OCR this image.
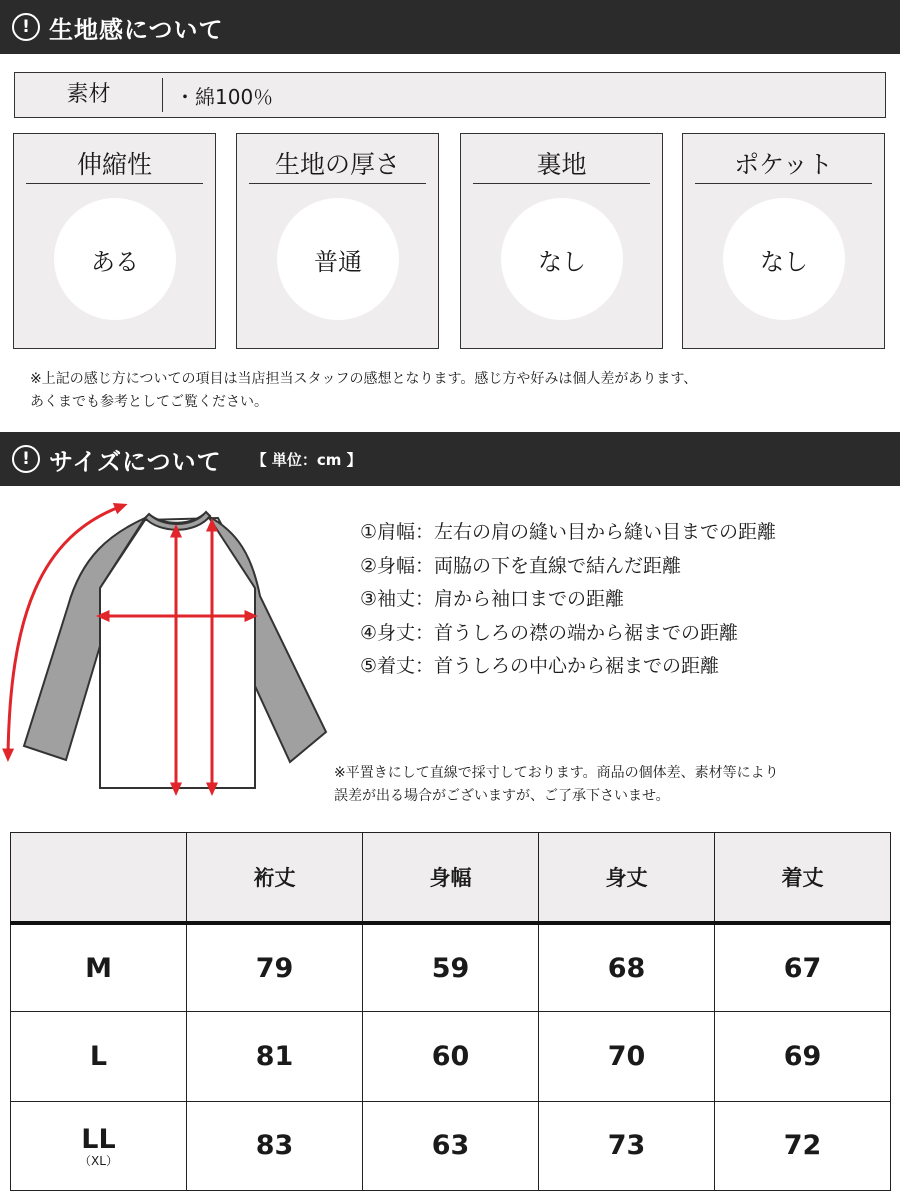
! 生地感について
素材	・綿100％
伸縮性
ある
生地の厚さ
普通
裏地
なし
ポケット
なし
※上記の感じ方についての項目は当店担当スタッフの感想となります。感じ方や好みは個人差があります、
あくまでも参考としてご覧ください。
! サイズについて 【 単位：cm 】
①肩幅：左右の肩の縫い目から縫い目までの距離
②身幅：両脇の下を直線で結んだ距離
③袖丈：肩から袖口までの距離
④身丈：首うしろの襟の端から裾までの距離
⑤着丈：首うしろの中心から裾までの距離
※平置きにして直線で採寸しております。商品の個体差、素材等により
誤差が出る場合がございますが、ご了承下さいませ。
	裄丈	身幅	身丈	着丈
M	79	59	68	67
L	81	60	70	69
LL
（XL）	83	63	73	72
